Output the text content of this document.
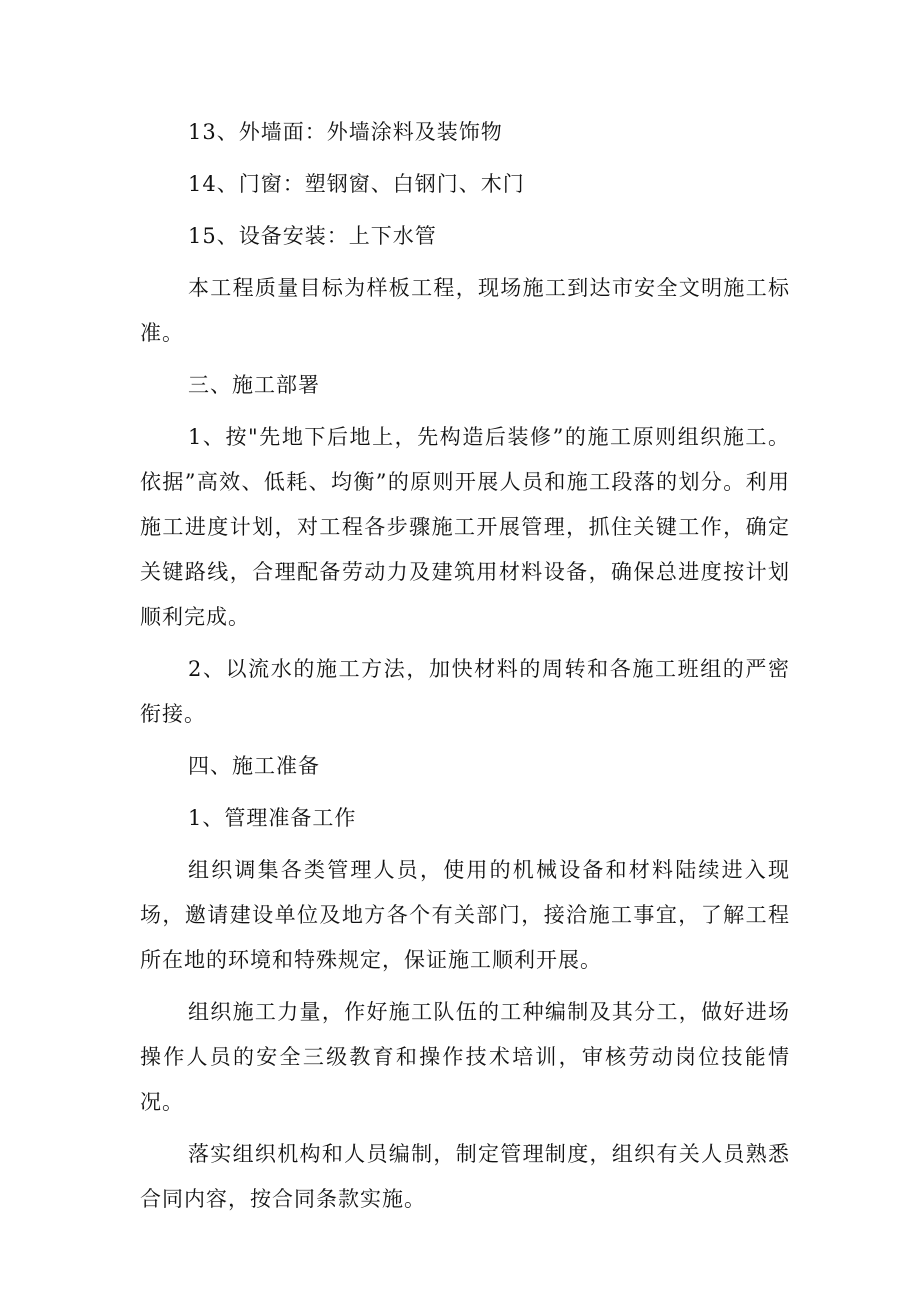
13、外墙面：外墙涂料及装饰物

14、门窗：塑钢窗、白钢门、木门

15、设备安装：上下水管

本工程质量目标为样板工程，现场施工到达市安全文明施工标准。

三、施工部署

1、按"先地下后地上，先构造后装修”的施工原则组织施工。依据”高效、低耗、均衡”的原则开展人员和施工段落的划分。利用施工进度计划，对工程各步骤施工开展管理，抓住关键工作，确定关键路线，合理配备劳动力及建筑用材料设备，确保总进度按计划顺利完成。

2、以流水的施工方法，加快材料的周转和各施工班组的严密衔接。

四、施工准备

1、管理准备工作

组织调集各类管理人员，使用的机械设备和材料陆续进入现场，邀请建设单位及地方各个有关部门，接洽施工事宜，了解工程所在地的环境和特殊规定，保证施工顺利开展。

组织施工力量，作好施工队伍的工种编制及其分工，做好进场操作人员的安全三级教育和操作技术培训，审核劳动岗位技能情况。

落实组织机构和人员编制，制定管理制度，组织有关人员熟悉合同内容，按合同条款实施。
